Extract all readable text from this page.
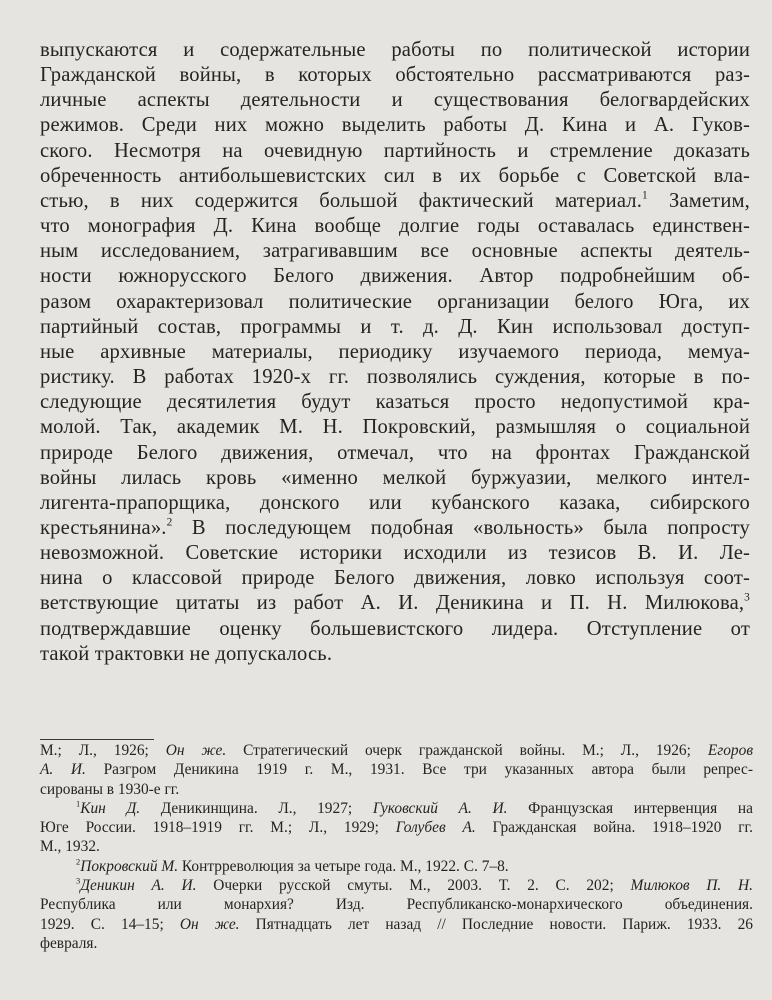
выпускаются и содержательные работы по политической истории
Гражданской войны, в которых обстоятельно рассматриваются раз-
личные аспекты деятельности и существования белогвардейских
режимов. Среди них можно выделить работы Д. Кина и А. Гуков-
ского. Несмотря на очевидную партийность и стремление доказать
обреченность антибольшевистских сил в их борьбе с Советской вла-
стью, в них содержится большой фактический материал.$^1$ Заметим,
что монография Д. Кина вообще долгие годы оставалась единствен-
ным исследованием, затрагивавшим все основные аспекты деятель-
ности южнорусского Белого движения. Автор подробнейшим об-
разом охарактеризовал политические организации белого Юга, их
партийный состав, программы и т. д. Д. Кин использовал доступ-
ные архивные материалы, периодику изучаемого периода, мемуа-
ристику. В работах 1920-х гг. позволялись суждения, которые в по-
следующие десятилетия будут казаться просто недопустимой кра-
молой. Так, академик М. Н. Покровский, размышляя о социальной
природе Белого движения, отмечал, что на фронтах Гражданской
войны лилась кровь «именно мелкой буржуазии, мелкого интел-
лигента-прапорщика, донского или кубанского казака, сибирского
крестьянина».$^2$ В последующем подобная «вольность» была попросту
невозможной. Советские историки исходили из тезисов В. И. Ле-
нина о классовой природе Белого движения, ловко используя соот-
ветствующие цитаты из работ А. И. Деникина и П. Н. Милюкова,$^3$
подтверждавшие оценку большевистского лидера. Отступление от
такой трактовки не допускалось.
М.; Л., 1926; Он же. Стратегический очерк гражданской войны. М.; Л., 1926; Егоров
А. И. Разгром Деникина 1919 г. М., 1931. Все три указанных автора были репрес-
сированы в 1930-е гг.
$^1$Кин Д. Деникинщина. Л., 1927; Гуковский А. И. Французская интервенция на
Юге России. 1918–1919 гг. М.; Л., 1929; Голубев А. Гражданская война. 1918–1920 гг.
М., 1932.
$^2$Покровский М. Контрреволюция за четыре года. М., 1922. С. 7–8.
$^3$Деникин А. И. Очерки русской смуты. М., 2003. Т. 2. С. 202; Милюков П. Н.
Республика или монархия? Изд. Республиканско-монархического объединения.
1929. С. 14–15; Он же. Пятнадцать лет назад // Последние новости. Париж. 1933. 26
февраля.
